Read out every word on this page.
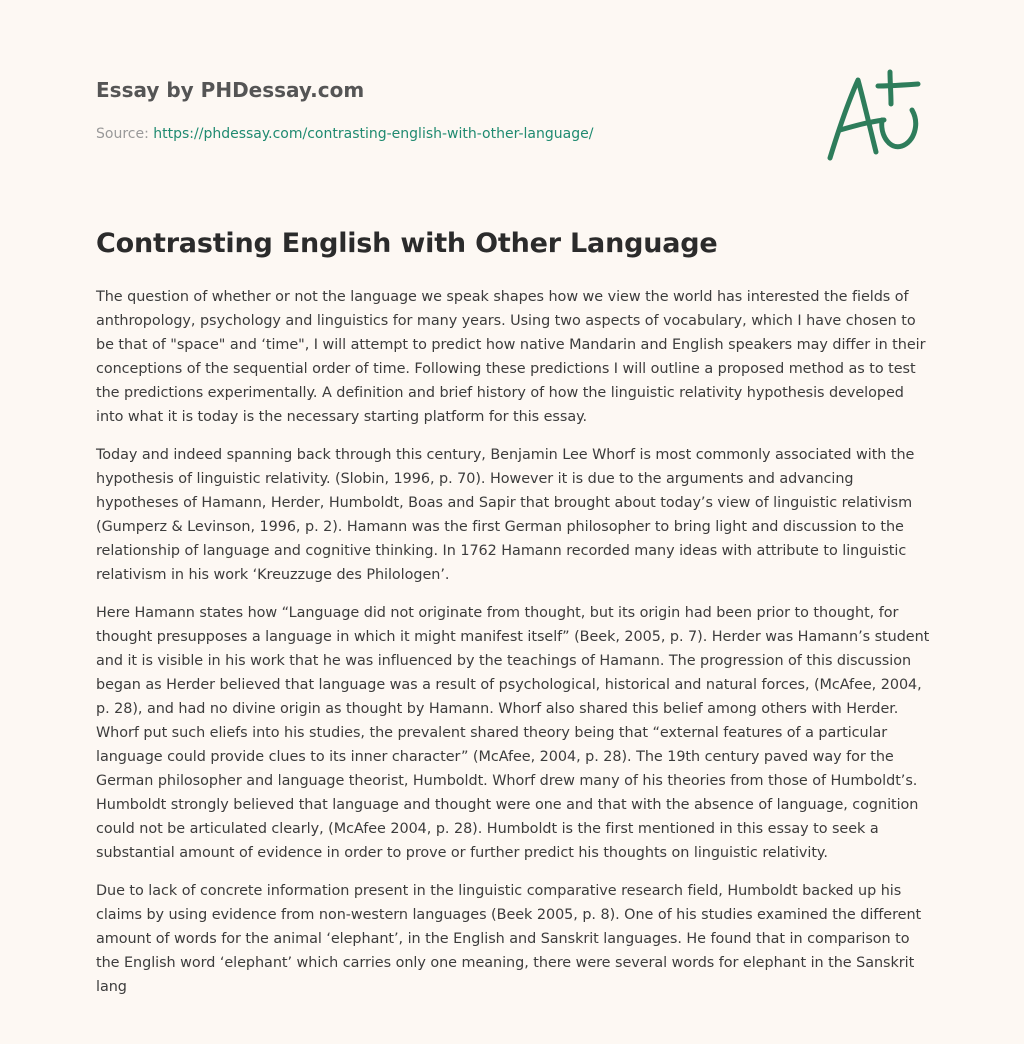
Essay by PHDessay.com
Source: https://phdessay.com/contrasting-english-with-other-language/
Contrasting English with Other Language

The question of whether or not the language we speak shapes how we view the world has interested the fields of anthropology, psychology and linguistics for many years. Using two aspects of vocabulary, which I have chosen to be that of "space" and ‘time", I will attempt to predict how native Mandarin and English speakers may differ in their conceptions of the sequential order of time. Following these predictions I will outline a proposed method as to test the predictions experimentally. A definition and brief history of how the linguistic relativity hypothesis developed into what it is today is the necessary starting platform for this essay.

Today and indeed spanning back through this century, Benjamin Lee Whorf is most commonly associated with the hypothesis of linguistic relativity. (Slobin, 1996, p. 70). However it is due to the arguments and advancing hypotheses of Hamann, Herder, Humboldt, Boas and Sapir that brought about today’s view of linguistic relativism (Gumperz & Levinson, 1996, p. 2). Hamann was the first German philosopher to bring light and discussion to the relationship of language and cognitive thinking. In 1762 Hamann recorded many ideas with attribute to linguistic relativism in his work ‘Kreuzzuge des Philologen’.

Here Hamann states how “Language did not originate from thought, but its origin had been prior to thought, for thought presupposes a language in which it might manifest itself” (Beek, 2005, p. 7). Herder was Hamann’s student and it is visible in his work that he was influenced by the teachings of Hamann. The progression of this discussion began as Herder believed that language was a result of psychological, historical and natural forces, (McAfee, 2004, p. 28), and had no divine origin as thought by Hamann. Whorf also shared this belief among others with Herder. Whorf put such eliefs into his studies, the prevalent shared theory being that “external features of a particular language could provide clues to its inner character” (McAfee, 2004, p. 28). The 19th century paved way for the German philosopher and language theorist, Humboldt. Whorf drew many of his theories from those of Humboldt’s. Humboldt strongly believed that language and thought were one and that with the absence of language, cognition could not be articulated clearly, (McAfee 2004, p. 28). Humboldt is the first mentioned in this essay to seek a substantial amount of evidence in order to prove or further predict his thoughts on linguistic relativity.

Due to lack of concrete information present in the linguistic comparative research field, Humboldt backed up his claims by using evidence from non-western languages (Beek 2005, p. 8). One of his studies examined the different amount of words for the animal ‘elephant’, in the English and Sanskrit languages. He found that in comparison to the English word ‘elephant’ which carries only one meaning, there were several words for elephant in the Sanskrit lang
